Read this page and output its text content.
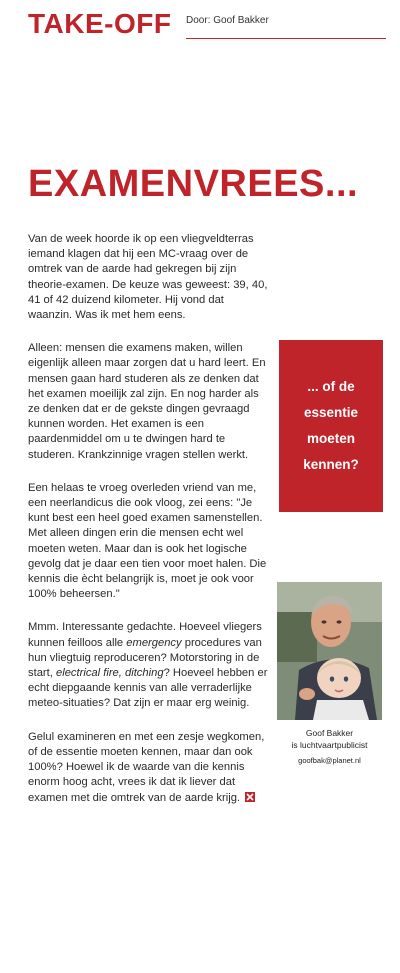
TAKE-OFF Door: Goof Bakker
EXAMENVREES...

Van de week hoorde ik op een vliegveldterras iemand klagen dat hij een MC-vraag over de omtrek van de aarde had gekregen bij zijn theorie-examen. De keuze was geweest: 39, 40, 41 of 42 duizend kilometer. Hij vond dat waanzin. Was ik met hem eens.

Alleen: mensen die examens maken, willen eigenlijk alleen maar zorgen dat u hard leert. En mensen gaan hard studeren als ze denken dat het examen moeilijk zal zijn. En nog harder als ze denken dat er de gekste dingen gevraagd kunnen worden. Het examen is een paardenmiddel om u te dwingen hard te studeren. Krankzinnige vragen stellen werkt.

Een helaas te vroeg overleden vriend van me, een neerlandicus die ook vloog, zei eens: "Je kunt best een heel goed examen samenstellen. Met alleen dingen erin die mensen echt wel moeten weten. Maar dan is ook het logische gevolg dat je daar een tien voor moet halen. Die kennis die ècht belangrijk is, moet je ook voor 100% beheersen."

Mmm. Interessante gedachte. Hoeveel vliegers kunnen feilloos alle emergency procedures van hun vliegtuig reproduceren? Motorstoring in de start, electrical fire, ditching? Hoeveel hebben er echt diepgaande kennis van alle verraderlijke meteo-situaties? Dat zijn er maar erg weinig.

Gelul examineren en met een zesje wegkomen, of de essentie moeten kennen, maar dan ook 100%? Hoewel ik de waarde van die kennis enorm hoog acht, vrees ik dat ik liever dat examen met die omtrek van de aarde krijg.

... of de
essentie
moeten
kennen?
Goof Bakker
is luchtvaartpublicist
goofbak@planet.nl
